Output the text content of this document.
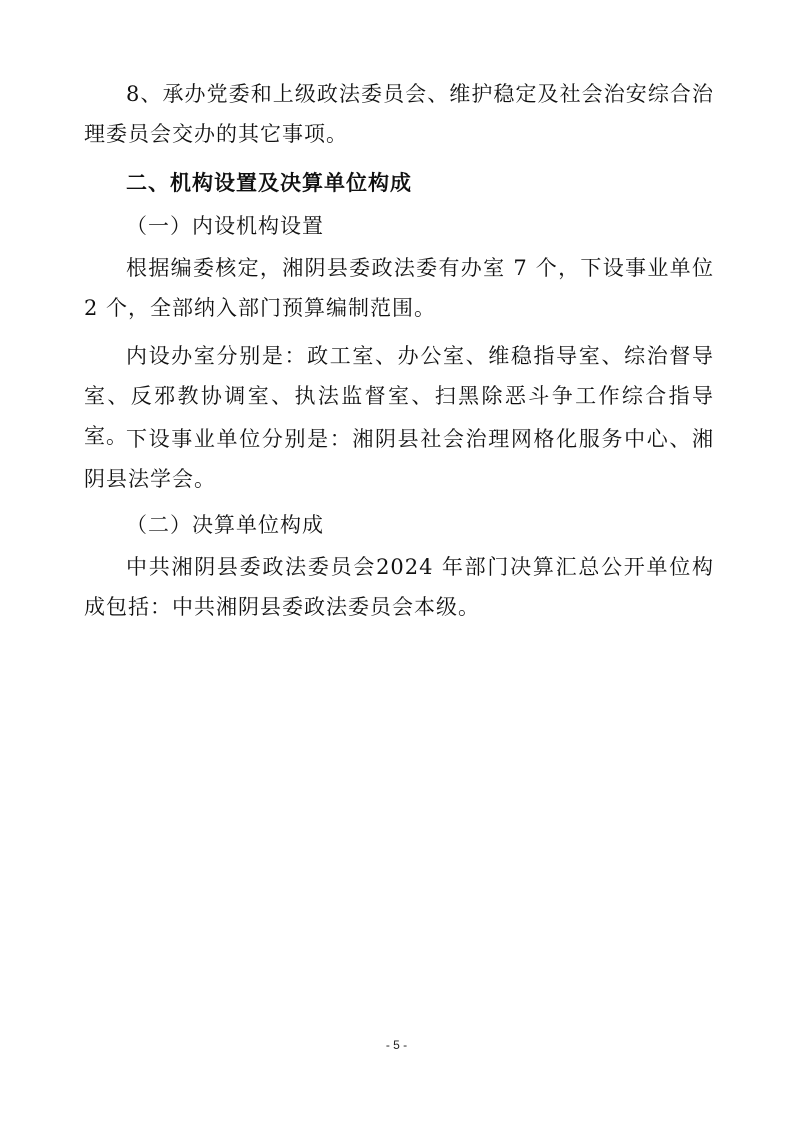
8、承办党委和上级政法委员会、维护稳定及社会治安综合治理委员会交办的其它事项。

二、机构设置及决算单位构成

（一）内设机构设置

根据编委核定，湘阴县委政法委有办室 7 个，下设事业单位 2 个，全部纳入部门预算编制范围。

内设办室分别是：政工室、办公室、维稳指导室、综治督导室、反邪教协调室、执法监督室、扫黑除恶斗争工作综合指导室。

下设事业单位分别是：湘阴县社会治理网格化服务中心、湘阴县法学会。

（二）决算单位构成

中共湘阴县委政法委员会2024 年部门决算汇总公开单位构成包括：中共湘阴县委政法委员会本级。

- 5 -
